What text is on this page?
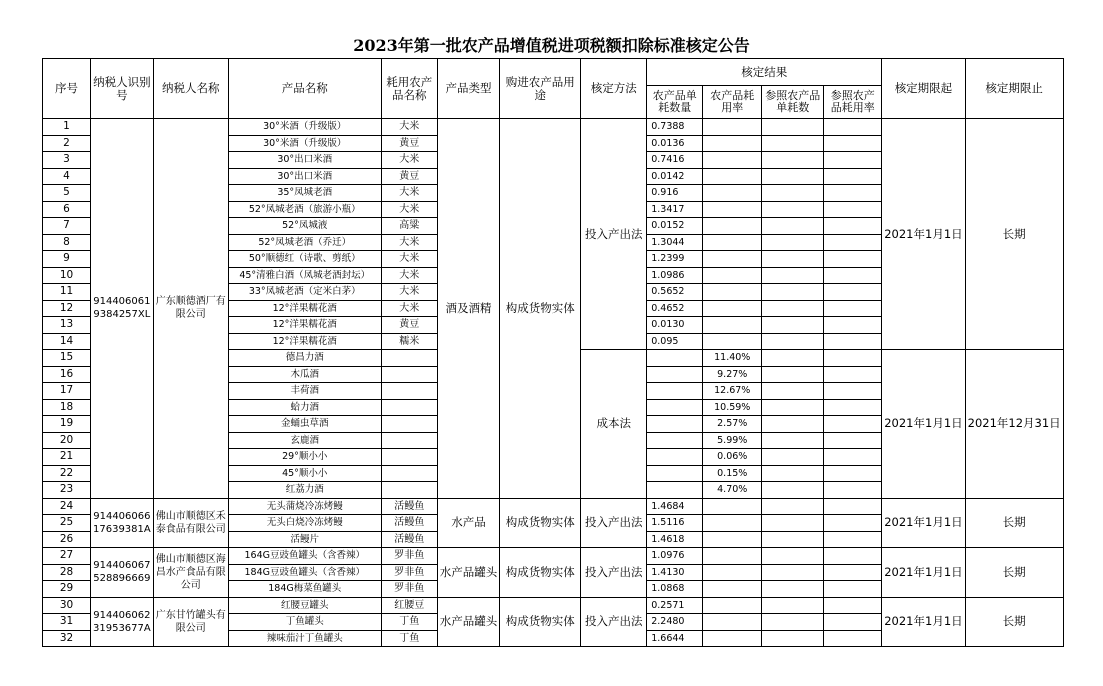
2023年第一批农产品增值税进项税额扣除标准核定公告
序号	纳税人识别号	纳税人名称	产品名称	耗用农产品名称	产品类型	购进农产品用途	核定方法	核定结果				核定期限起	核定期限止
								农产品单耗数量	农产品耗用率	参照农产品单耗数	参照农产品耗用率		
1	914406061 9384257XL	广东顺德酒厂有限公司	30°米酒（升级版）	大米	酒及酒精	构成货物实体	投入产出法	0.7388				2021年1月1日	长期
2			30°米酒（升级版）	黄豆				0.0136					
3			30°出口米酒	大米				0.7416					
4			30°出口米酒	黄豆				0.0142					
5			35°凤城老酒	大米				0.916					
6			52°凤城老酒（旅游小瓶）	大米				1.3417					
7			52°凤城液	高粱				0.0152					
8			52°凤城老酒（乔迁）	大米				1.3044					
9			50°顺德红（诗歌、剪纸）	大米				1.2399					
10			45°清雅白酒（凤城老酒封坛）	大米				1.0986					
11			33°凤城老酒（定米白茅）	大米				0.5652					
12			12°洋果糯花酒	大米				0.4652					
13			12°洋果糯花酒	黄豆				0.0130					
14			12°洋果糯花酒	糯米				0.095					
15			德昌力酒				成本法		11.40%			2021年1月1日	2021年12月31日
16			木瓜酒						9.27%				
17			丰荷酒						12.67%				
18			蛤力酒						10.59%				
19			金蛹虫草酒						2.57%				
20			玄鹿酒						5.99%				
21			29°顺小小						0.06%				
22			45°顺小小						0.15%				
23			红荔力酒						4.70%				
24	914406066 17639381A	佛山市顺德区禾泰食品有限公司	无头蒲烧冷冻烤鳗	活鳗鱼	水产品	构成货物实体	投入产出法	1.4684				2021年1月1日	长期
25			无头白烧冷冻烤鳗	活鳗鱼				1.5116					
26			活鳗片	活鳗鱼				1.4618					
27	914406067 528896669	佛山市顺德区海昌水产食品有限公司	164G豆豉鱼罐头（含香辣）	罗非鱼	水产品罐头	构成货物实体	投入产出法	1.0976				2021年1月1日	长期
28			184G豆豉鱼罐头（含香辣）	罗非鱼				1.4130					
29			184G梅菜鱼罐头	罗非鱼				1.0868					
30	914406062 31953677A	广东甘竹罐头有限公司	红腰豆罐头	红腰豆	水产品罐头	构成货物实体	投入产出法	0.2571				2021年1月1日	长期
31			丁鱼罐头	丁鱼				2.2480					
32			辣味茄汁丁鱼罐头	丁鱼				1.6644					
